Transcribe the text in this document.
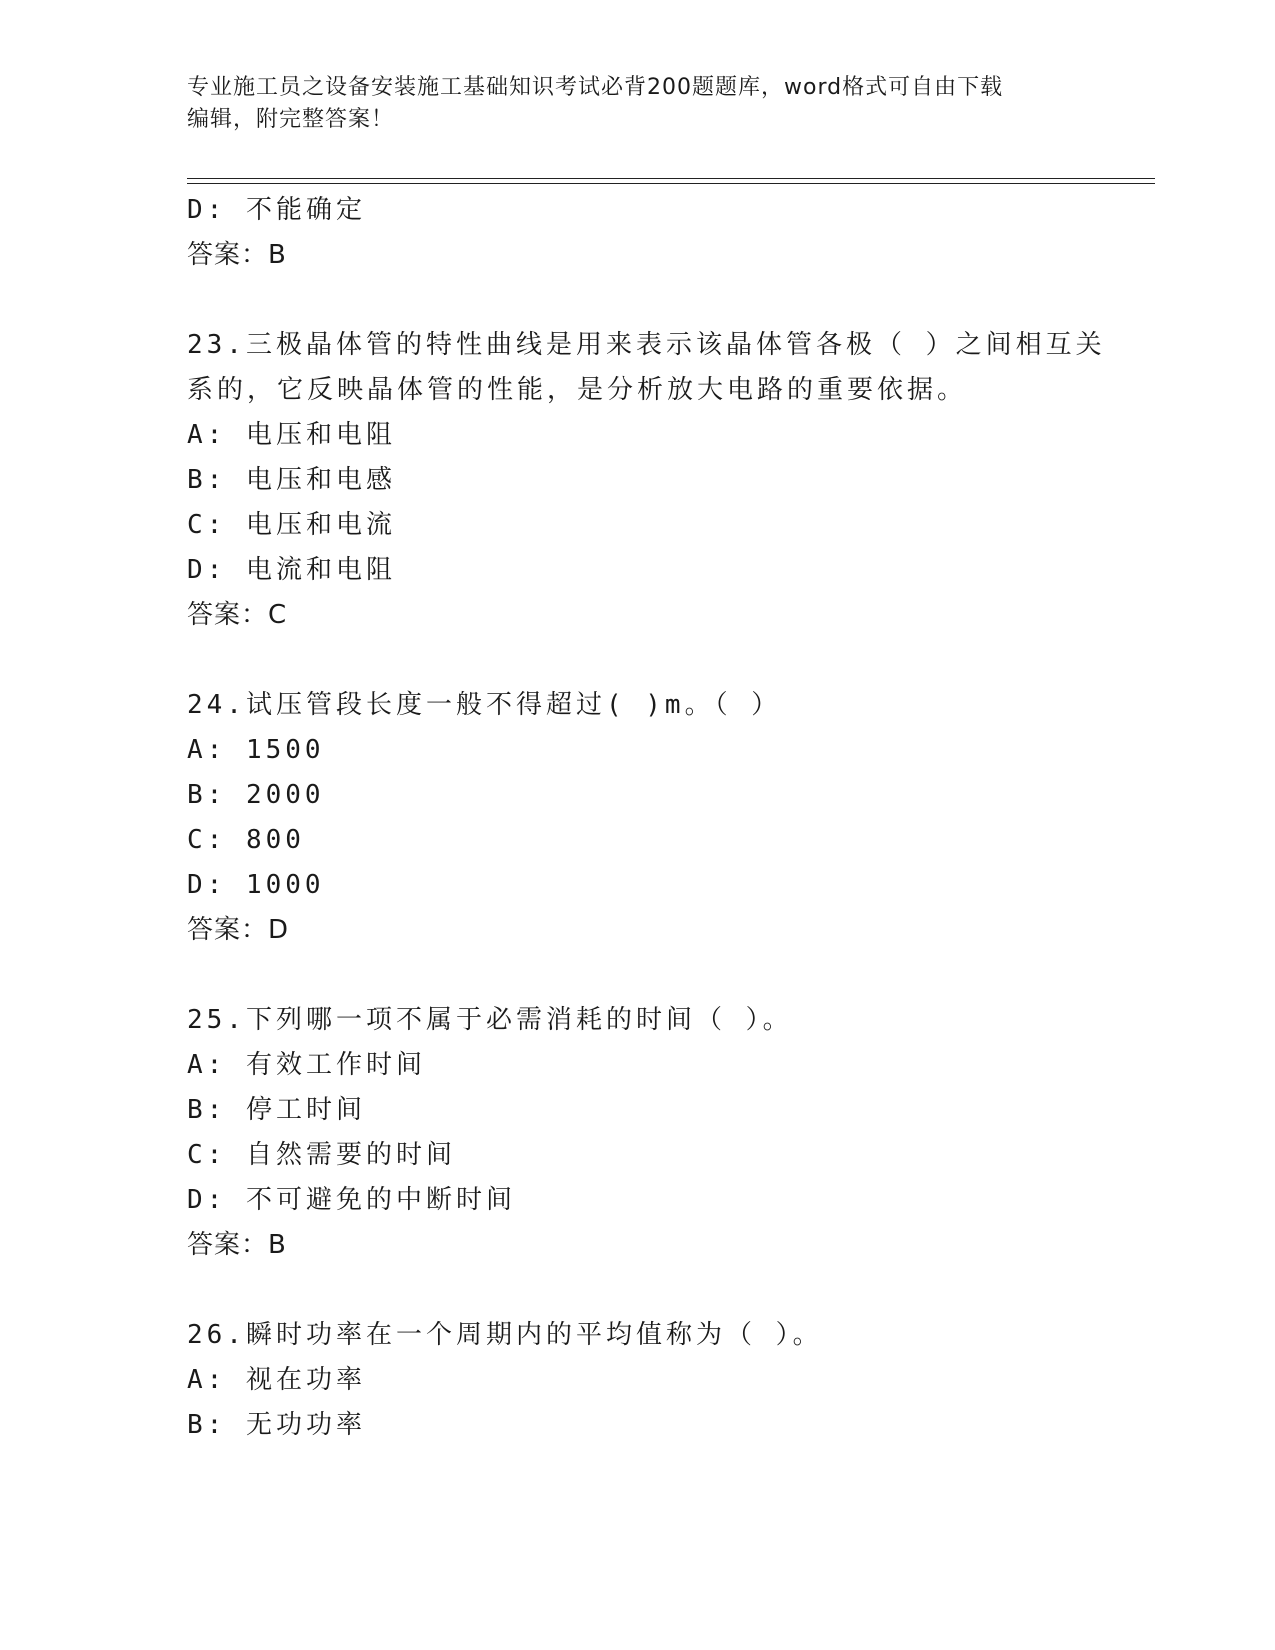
专业施工员之设备安装施工基础知识考试必背200题题库，word格式可自由下载
编辑，附完整答案！
D: 不能确定
答案：B
23.三极晶体管的特性曲线是用来表示该晶体管各极（ ）之间相互关
系的，它反映晶体管的性能，是分析放大电路的重要依据。
A: 电压和电阻
B: 电压和电感
C: 电压和电流
D: 电流和电阻
答案：C
24.试压管段长度一般不得超过( )m。（ ）
A: 1500
B: 2000
C: 800
D: 1000
答案：D
25.下列哪一项不属于必需消耗的时间（ ）。
A: 有效工作时间
B: 停工时间
C: 自然需要的时间
D: 不可避免的中断时间
答案：B
26.瞬时功率在一个周期内的平均值称为（ ）。
A: 视在功率
B: 无功功率
